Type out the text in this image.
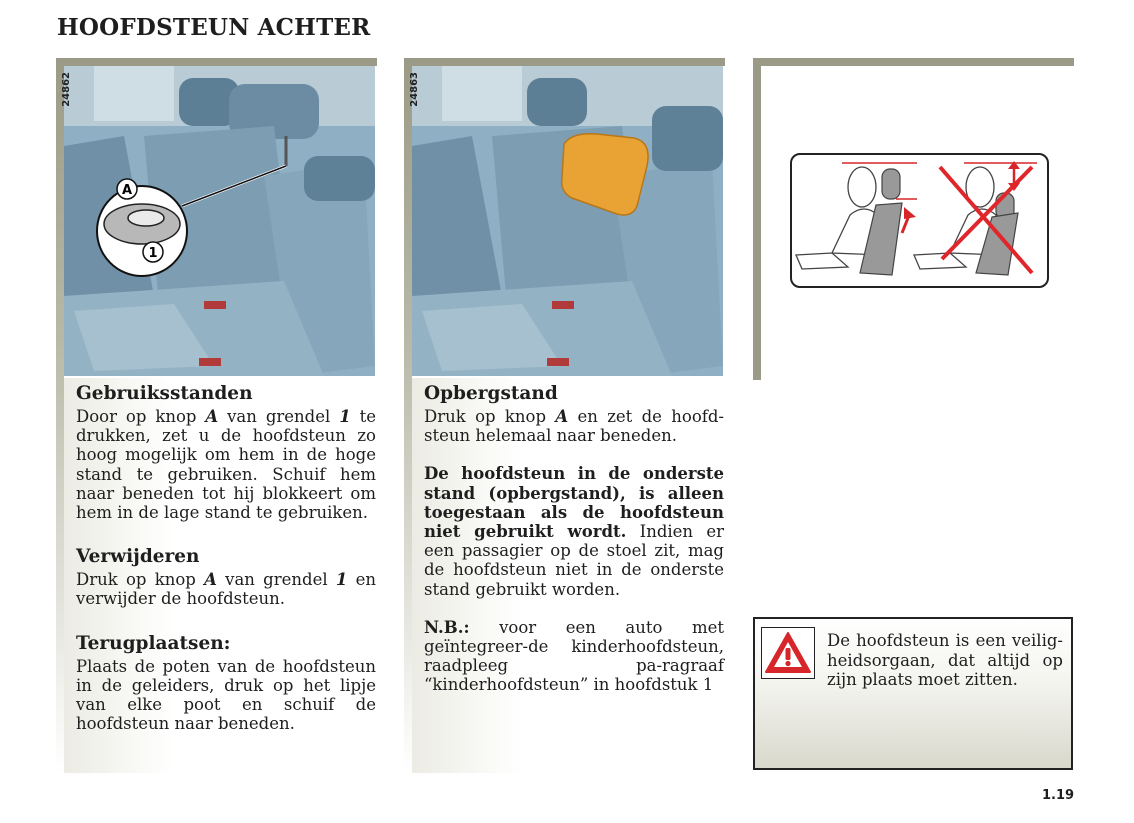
HOOFDSTEUN ACHTER
A
1
24862
Gebruiksstanden

Door op knop A van grendel 1 te drukken, zet u de hoofdsteun zo hoog mogelijk om hem in de hoge stand te gebruiken. Schuif hem naar beneden tot hij blokkeert om hem in de lage stand te gebruiken.

Verwijderen

Druk op knop A van grendel 1 en verwijder de hoofdsteun.

Terugplaatsen:

Plaats de poten van de hoofdsteun in de geleiders, druk op het lipje van elke poot en schuif de hoofdsteun naar beneden.

24863
Opbergstand

Druk op knop A en zet de hoofd-steun helemaal naar beneden.

De hoofdsteun in de onderste stand (opbergstand), is alleen toegestaan als de hoofdsteun niet gebruikt wordt. Indien er een passagier op de stoel zit, mag de hoofdsteun niet in de onderste stand gebruikt worden.

N.B.: voor een auto met geïntegreer-de kinderhoofdsteun, raadpleeg pa-ragraaf “kinderhoofdsteun” in hoofdstuk 1

De hoofdsteun is een veilig-heidsorgaan, dat altijd op zijn plaats moet zitten.
1.19
